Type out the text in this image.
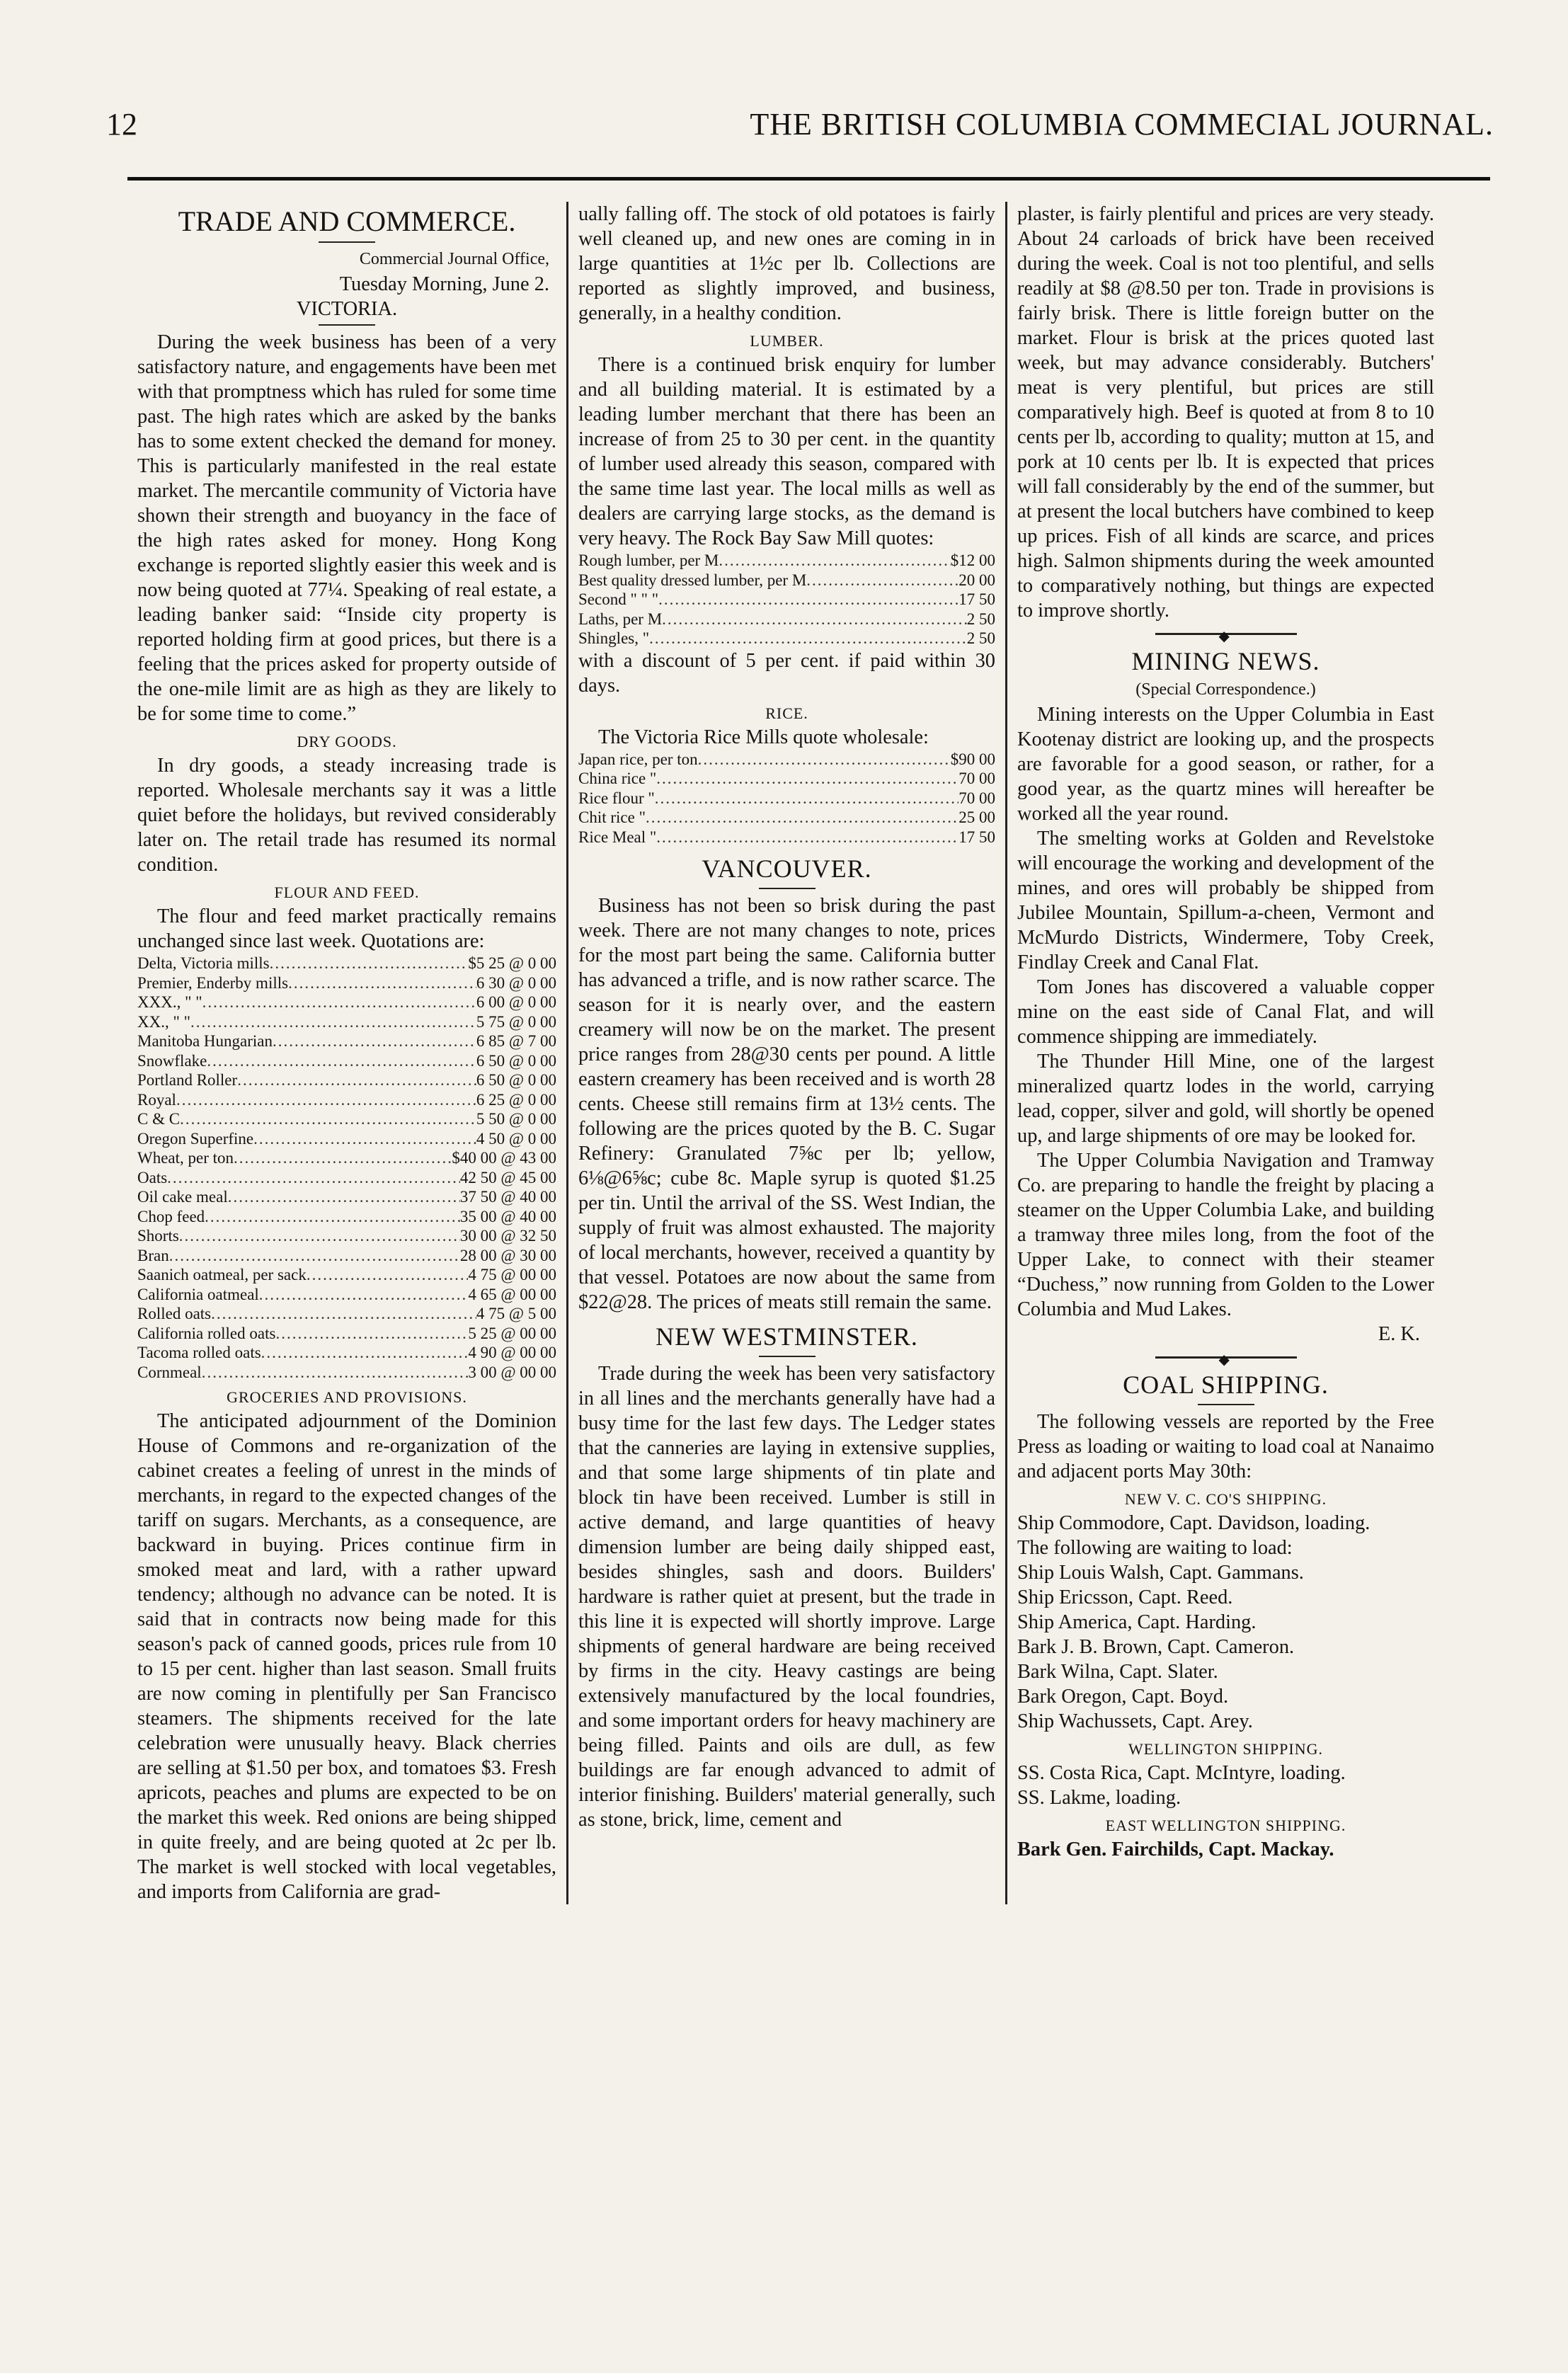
12	THE BRITISH COLUMBIA COMMECIAL JOURNAL.
TRADE AND COMMERCE.
Commercial Journal Office,
Tuesday Morning, June 2.
VICTORIA.

During the week business has been of a very satisfactory nature, and engagements have been met with that promptness which has ruled for some time past. The high rates which are asked by the banks has to some extent checked the demand for money. This is particularly manifested in the real estate market. The mercantile community of Victoria have shown their strength and buoyancy in the face of the high rates asked for money. Hong Kong exchange is reported slightly easier this week and is now being quoted at 77¼. Speaking of real estate, a leading banker said: “Inside city property is reported holding firm at good prices, but there is a feeling that the prices asked for property outside of the one-mile limit are as high as they are likely to be for some time to come.”

DRY GOODS.

In dry goods, a steady increasing trade is reported. Wholesale merchants say it was a little quiet before the holidays, but revived considerably later on. The retail trade has resumed its normal condition.

FLOUR AND FEED.

The flour and feed market practically remains unchanged since last week. Quotations are:

Delta, Victoria mills .....	$5 25 @ 0 00
Premier, Enderby mills .....	6 30 @ 0 00
XXX., " " .....	6 00 @ 0 00
XX., " " .....	5 75 @ 0 00
Manitoba Hungarian .....	6 85 @ 7 00
Snowflake .....	6 50 @ 0 00
Portland Roller .....	6 50 @ 0 00
Royal .....	6 25 @ 0 00
C & C .....	5 50 @ 0 00
Oregon Superfine .....	4 50 @ 0 00
Wheat, per ton .....	$40 00 @ 43 00
Oats .....	42 50 @ 45 00
Oil cake meal .....	37 50 @ 40 00
Chop feed .....	35 00 @ 40 00
Shorts .....	30 00 @ 32 50
Bran .....	28 00 @ 30 00
Saanich oatmeal, per sack .....	4 75 @ 00 00
California oatmeal .....	4 65 @ 00 00
Rolled oats .....	4 75 @ 5 00
California rolled oats .....	5 25 @ 00 00
Tacoma rolled oats .....	4 90 @ 00 00
Cornmeal .....	3 00 @ 00 00
GROCERIES AND PROVISIONS.

The anticipated adjournment of the Dominion House of Commons and re-organization of the cabinet creates a feeling of unrest in the minds of merchants, in regard to the expected changes of the tariff on sugars. Merchants, as a consequence, are backward in buying. Prices continue firm in smoked meat and lard, with a rather upward tendency; although no advance can be noted. It is said that in contracts now being made for this season's pack of canned goods, prices rule from 10 to 15 per cent. higher than last season. Small fruits are now coming in plentifully per San Francisco steamers. The shipments received for the late celebration were unusually heavy. Black cherries are selling at $1.50 per box, and tomatoes $3. Fresh apricots, peaches and plums are expected to be on the market this week. Red onions are being shipped in quite freely, and are being quoted at 2c per lb. The market is well stocked with local vegetables, and imports from California are grad-

ually falling off. The stock of old potatoes is fairly well cleaned up, and new ones are coming in in large quantities at 1½c per lb. Collections are reported as slightly improved, and business, generally, in a healthy condition.

LUMBER.

There is a continued brisk enquiry for lumber and all building material. It is estimated by a leading lumber merchant that there has been an increase of from 25 to 30 per cent. in the quantity of lumber used already this season, compared with the same time last year. The local mills as well as dealers are carrying large stocks, as the demand is very heavy. The Rock Bay Saw Mill quotes:

Rough lumber, per M .....	$12 00
Best quality dressed lumber, per M .....	20 00
Second " " " .....	17 50
Laths, per M .....	2 50
Shingles, " .....	2 50

with a discount of 5 per cent. if paid within 30 days.

RICE.

The Victoria Rice Mills quote wholesale:

Japan rice, per ton .....	$90 00
China rice " .....	70 00
Rice flour " .....	70 00
Chit rice " .....	25 00
Rice Meal " .....	17 50
VANCOUVER.

Business has not been so brisk during the past week. There are not many changes to note, prices for the most part being the same. California butter has advanced a trifle, and is now rather scarce. The season for it is nearly over, and the eastern creamery will now be on the market. The present price ranges from 28@30 cents per pound. A little eastern creamery has been received and is worth 28 cents. Cheese still remains firm at 13½ cents. The following are the prices quoted by the B. C. Sugar Refinery: Granulated 7⅝c per lb; yellow, 6⅛@6⅝c; cube 8c. Maple syrup is quoted $1.25 per tin. Until the arrival of the SS. West Indian, the supply of fruit was almost exhausted. The majority of local merchants, however, received a quantity by that vessel. Potatoes are now about the same from $22@28. The prices of meats still remain the same.

NEW WESTMINSTER.

Trade during the week has been very satisfactory in all lines and the merchants generally have had a busy time for the last few days. The Ledger states that the canneries are laying in extensive supplies, and that some large shipments of tin plate and block tin have been received. Lumber is still in active demand, and large quantities of heavy dimension lumber are being daily shipped east, besides shingles, sash and doors. Builders' hardware is rather quiet at present, but the trade in this line it is expected will shortly improve. Large shipments of general hardware are being received by firms in the city. Heavy castings are being extensively manufactured by the local foundries, and some important orders for heavy machinery are being filled. Paints and oils are dull, as few buildings are far enough advanced to admit of interior finishing. Builders' material generally, such as stone, brick, lime, cement and

plaster, is fairly plentiful and prices are very steady. About 24 carloads of brick have been received during the week. Coal is not too plentiful, and sells readily at $8 @8.50 per ton. Trade in provisions is fairly brisk. There is little foreign butter on the market. Flour is brisk at the prices quoted last week, but may advance considerably. Butchers' meat is very plentiful, but prices are still comparatively high. Beef is quoted at from 8 to 10 cents per lb, according to quality; mutton at 15, and pork at 10 cents per lb. It is expected that prices will fall considerably by the end of the summer, but at present the local butchers have combined to keep up prices. Fish of all kinds are scarce, and prices high. Salmon shipments during the week amounted to comparatively nothing, but things are expected to improve shortly.

◆
MINING NEWS.
(Special Correspondence.)

Mining interests on the Upper Columbia in East Kootenay district are looking up, and the prospects are favorable for a good season, or rather, for a good year, as the quartz mines will hereafter be worked all the year round.

The smelting works at Golden and Revelstoke will encourage the working and development of the mines, and ores will probably be shipped from Jubilee Mountain, Spillum-a-cheen, Vermont and McMurdo Districts, Windermere, Toby Creek, Findlay Creek and Canal Flat.

Tom Jones has discovered a valuable copper mine on the east side of Canal Flat, and will commence shipping are immediately.

The Thunder Hill Mine, one of the largest mineralized quartz lodes in the world, carrying lead, copper, silver and gold, will shortly be opened up, and large shipments of ore may be looked for.

The Upper Columbia Navigation and Tramway Co. are preparing to handle the freight by placing a steamer on the Upper Columbia Lake, and building a tramway three miles long, from the foot of the Upper Lake, to connect with their steamer “Duchess,” now running from Golden to the Lower Columbia and Mud Lakes.

E. K.
◆
COAL SHIPPING.

The following vessels are reported by the Free Press as loading or waiting to load coal at Nanaimo and adjacent ports May 30th:

NEW V. C. CO'S SHIPPING.

Ship Commodore, Capt. Davidson, loading.

The following are waiting to load:

Ship Louis Walsh, Capt. Gammans.

Ship Ericsson, Capt. Reed.

Ship America, Capt. Harding.

Bark J. B. Brown, Capt. Cameron.

Bark Wilna, Capt. Slater.

Bark Oregon, Capt. Boyd.

Ship Wachussets, Capt. Arey.

WELLINGTON SHIPPING.

SS. Costa Rica, Capt. McIntyre, loading.

SS. Lakme, loading.

EAST WELLINGTON SHIPPING.

Bark Gen. Fairchilds, Capt. Mackay.
